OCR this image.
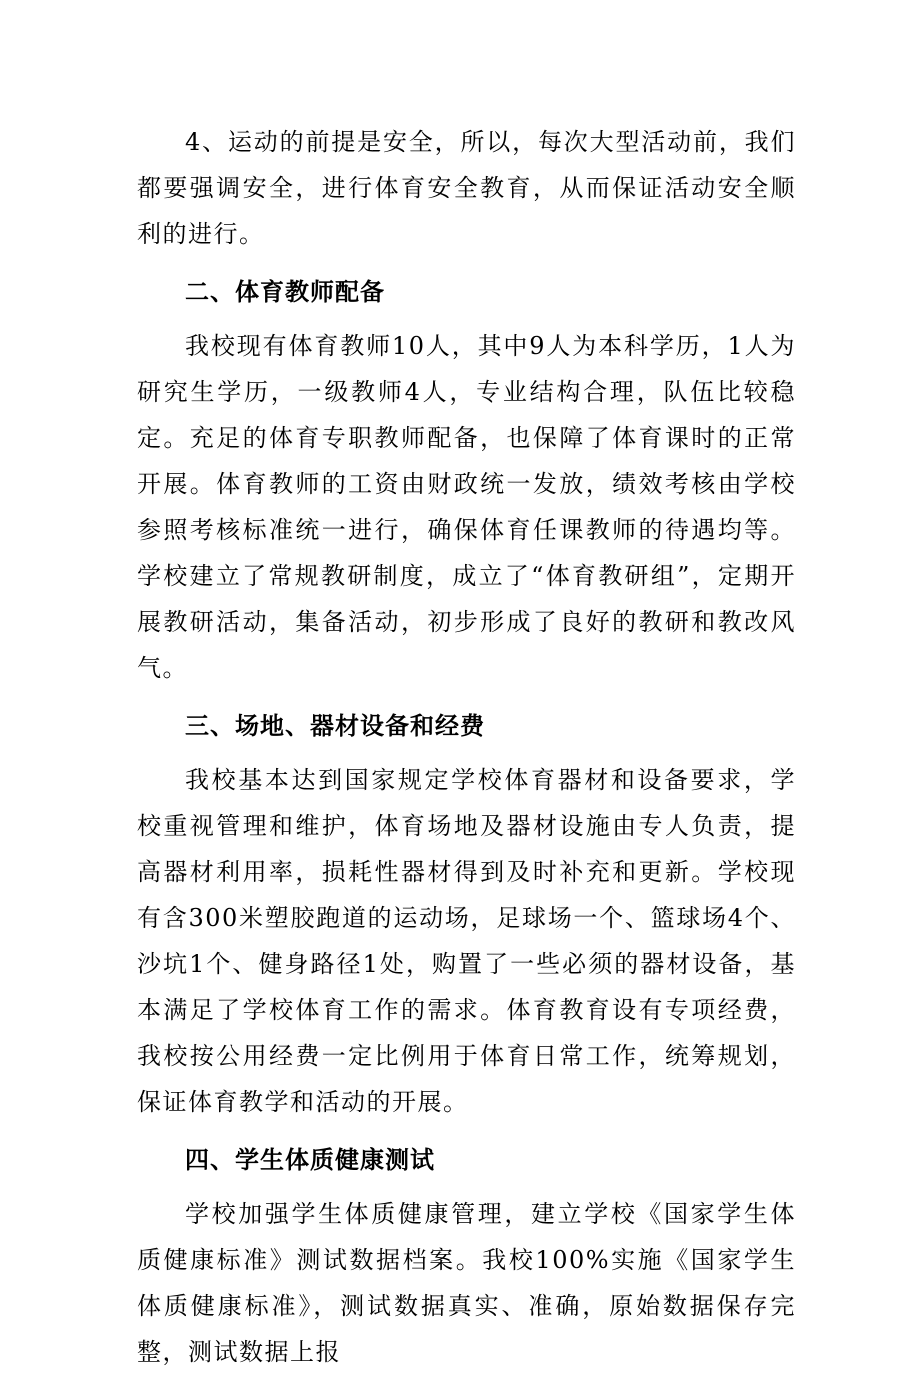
4、运动的前提是安全，所以，每次大型活动前，我们都要强调安全，进行体育安全教育，从而保证活动安全顺利的进行。

二、体育教师配备

我校现有体育教师10人，其中9人为本科学历，1人为研究生学历，一级教师4人，专业结构合理，队伍比较稳定。充足的体育专职教师配备，也保障了体育课时的正常开展。体育教师的工资由财政统一发放，绩效考核由学校参照考核标准统一进行，确保体育任课教师的待遇均等。学校建立了常规教研制度，成立了“体育教研组”，定期开展教研活动，集备活动，初步形成了良好的教研和教改风气。

三、场地、器材设备和经费

我校基本达到国家规定学校体育器材和设备要求，学校重视管理和维护，体育场地及器材设施由专人负责，提高器材利用率，损耗性器材得到及时补充和更新。学校现有含300米塑胶跑道的运动场，足球场一个、篮球场4个、沙坑1个、健身路径1处，购置了一些必须的器材设备，基本满足了学校体育工作的需求。体育教育设有专项经费，我校按公用经费一定比例用于体育日常工作，统筹规划，保证体育教学和活动的开展。

四、学生体质健康测试

学校加强学生体质健康管理，建立学校《国家学生体质健康标准》测试数据档案。我校100%实施《国家学生体质健康标准》，测试数据真实、准确，原始数据保存完整，测试数据上报
